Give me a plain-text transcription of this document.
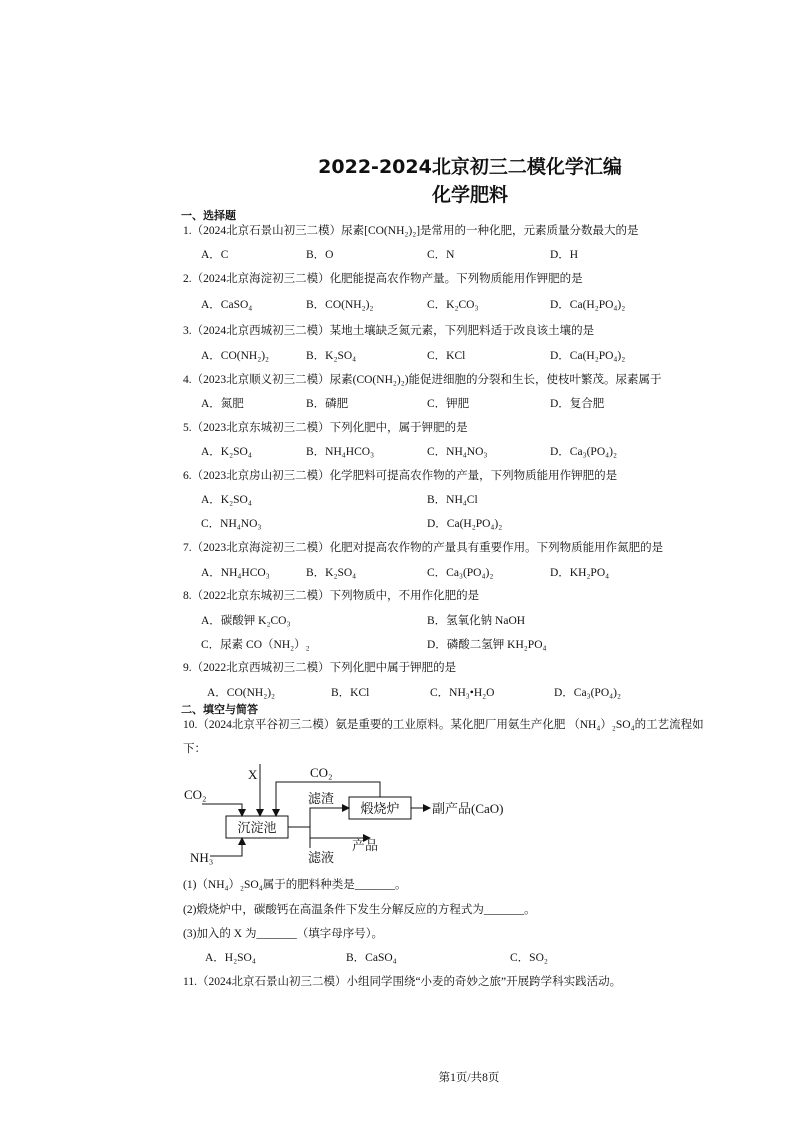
2022-2024北京初三二模化学汇编
化学肥料
一、选择题
1.（2024北京石景山初三二模）尿素[CO(NH₂)₂]是常用的一种化肥，元素质量分数最大的是
A．C	B．O	C．N	D．H
2.（2024北京海淀初三二模）化肥能提高农作物产量。下列物质能用作钾肥的是
A．CaSO₄	B．CO(NH₂)₂	C．K₂CO₃	D．Ca(H₂PO₄)₂
3.（2024北京西城初三二模）某地土壤缺乏氮元素，下列肥料适于改良该土壤的是
A．CO(NH₂)₂	B．K₂SO₄	C．KCl	D．Ca(H₂PO₄)₂
4.（2023北京顺义初三二模）尿素(CO(NH₂)₂)能促进细胞的分裂和生长，使枝叶繁茂。尿素属于
A．氮肥	B．磷肥	C．钾肥	D．复合肥
5.（2023北京东城初三二模）下列化肥中，属于钾肥的是
A．K₂SO₄	B．NH₄HCO₃	C．NH₄NO₃	D．Ca₃(PO₄)₂
6.（2023北京房山初三二模）化学肥料可提高农作物的产量，下列物质能用作钾肥的是
A．K₂SO₄	B．NH₄Cl
C．NH₄NO₃	D．Ca(H₂PO₄)₂
7.（2023北京海淀初三二模）化肥对提高农作物的产量具有重要作用。下列物质能用作氮肥的是
A．NH₄HCO₃	B．K₂SO₄	C．Ca₃(PO₄)₂	D．KH₂PO₄
8.（2022北京东城初三二模）下列物质中，不用作化肥的是
A．碳酸钾 K₂CO₃	B．氢氧化钠 NaOH
C．尿素 CO（NH₂）₂	D．磷酸二氢钾 KH₂PO₄
9.（2022北京西城初三二模）下列化肥中属于钾肥的是
A．CO(NH₂)₂	B．KCl	C．NH₃•H₂O	D．Ca₃(PO₄)₂
二、填空与简答
10.（2024北京平谷初三二模）氨是重要的工业原料。某化肥厂用氨生产化肥 （NH₄）₂SO₄的工艺流程如
下：
沉淀池
煅烧炉
CO₂
X	CO₂
NH₃
滤渣
产品
滤液
副产品(CaO)
(1)（NH₄）₂SO₄属于的肥料种类是_______。
(2)煅烧炉中，碳酸钙在高温条件下发生分解反应的方程式为_______。
(3)加入的 X 为_______（填字母序号）。
A．H₂SO₄	B．CaSO₄	C．SO₂
11.（2024北京石景山初三二模）小组同学围绕“小麦的奇妙之旅”开展跨学科实践活动。
第1页/共8页
